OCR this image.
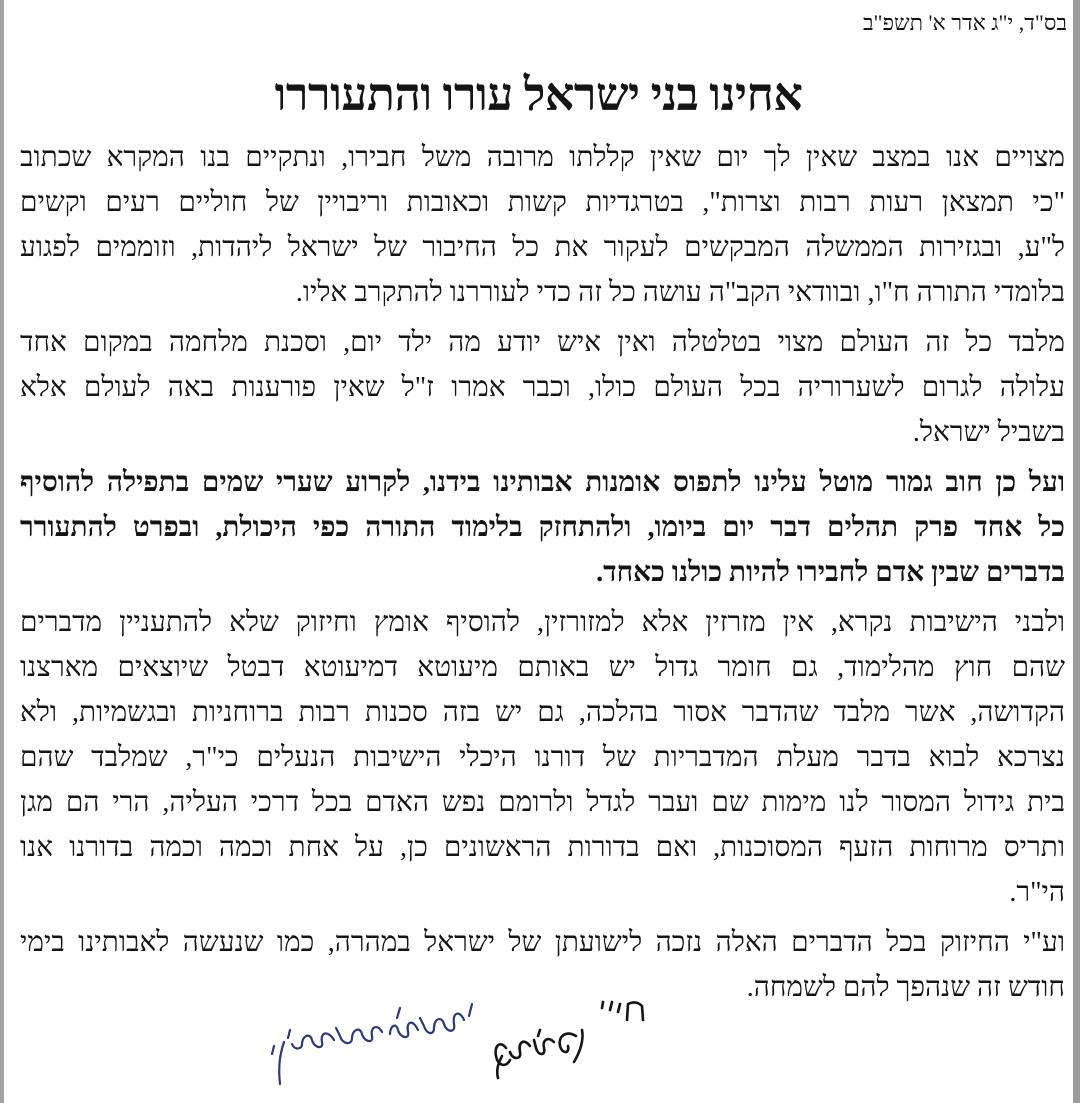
בס"ד, י"ג אדר א' תשפ"ב
אחינו בני ישראל עורו והתעוררו
מצויים אנו במצב שאין לך יום שאין קללתו מרובה משל חבירו, ונתקיים בנו המקרא שכתוב
"כי תמצאן רעות רבות וצרות", בטרגדיות קשות וכאובות וריבויין של חוליים רעים וקשים
ל"ע, ובגזירות הממשלה המבקשים לעקור את כל החיבור של ישראל ליהדות, וזוממים לפגוע
בלומדי התורה ח"ו, ובוודאי הקב"ה עושה כל זה כדי לעוררנו להתקרב אליו.
מלבד כל זה העולם מצוי בטלטלה ואין איש יודע מה ילד יום, וסכנת מלחמה במקום אחד
עלולה לגרום לשערוריה בכל העולם כולו, וכבר אמרו ז"ל שאין פורענות באה לעולם אלא
בשביל ישראל.
ועל כן חוב גמור מוטל עלינו לתפוס אומנות אבותינו בידנו, לקרוע שערי שמים בתפילה להוסיף
כל אחד פרק תהלים דבר יום ביומו, ולהתחזק בלימוד התורה כפי היכולת, ובפרט להתעורר
בדברים שבין אדם לחבירו להיות כולנו כאחד.
ולבני הישיבות נקרא, אין מזרזין אלא למזורזין, להוסיף אומץ וחיזוק שלא להתעניין מדברים
שהם חוץ מהלימוד, גם חומר גדול יש באותם מיעוטא דמיעוטא דבטל שיוצאים מארצנו
הקדושה, אשר מלבד שהדבר אסור בהלכה, גם יש בזה סכנות רבות ברוחניות ובגשמיות, ולא
נצרכא לבוא בדבר מעלת המדבריות של דורנו היכלי הישיבות הנעלים כי"ר, שמלבד שהם
בית גידול המסור לנו מימות שם ועבר לגדל ולרומם נפש האדם בכל דרכי העליה, הרי הם מגן
ותריס מרוחות הזעף המסוכנות, ואם בדורות הראשונים כן, על אחת וכמה וכמה בדורנו אנו
הי"ר.
וע"י החיזוק בכל הדברים האלה נזכה לישועתן של ישראל במהרה, כמו שנעשה לאבותינו בימי
חודש זה שנהפך להם לשמחה.
